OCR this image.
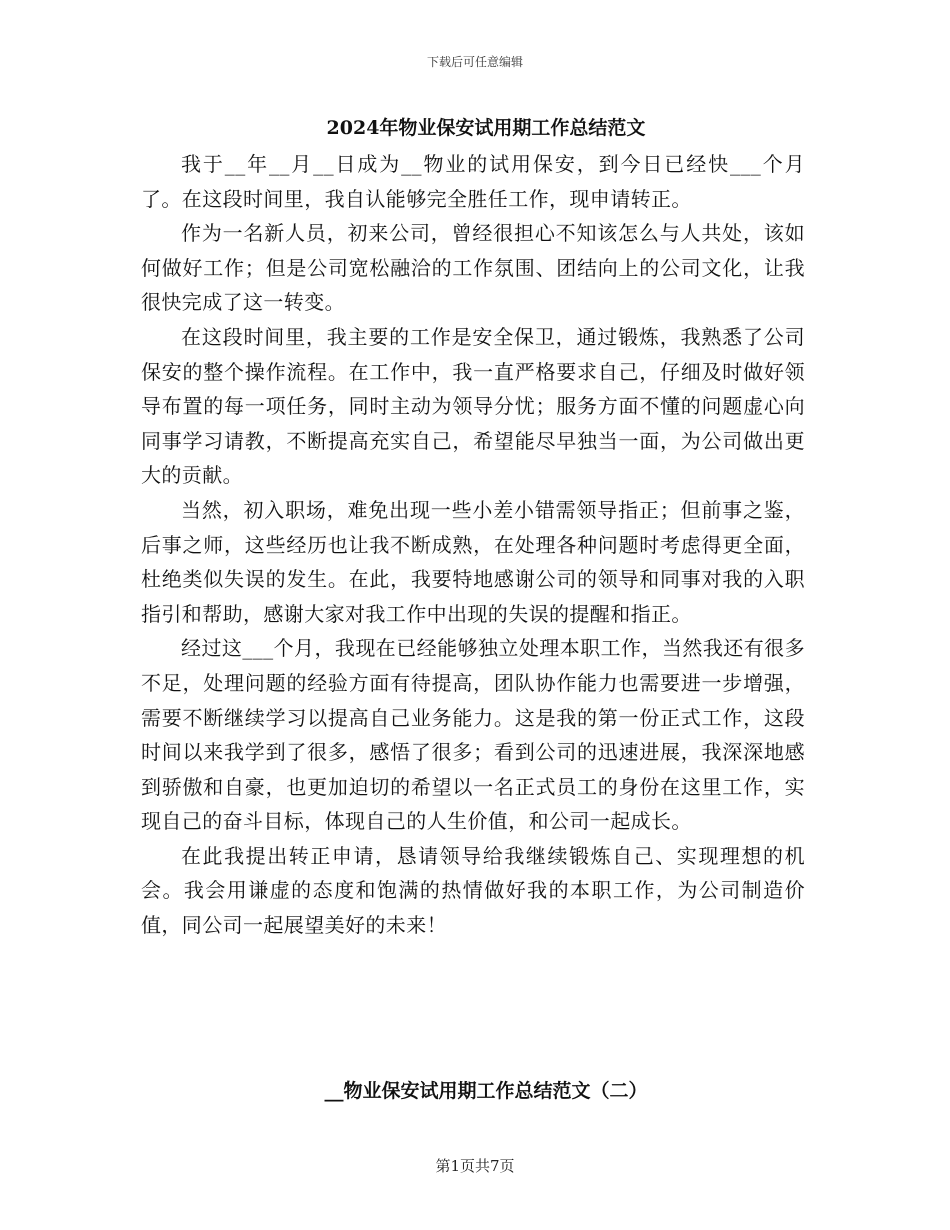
下载后可任意编辑
2024年物业保安试用期工作总结范文

我于__年__月__日成为__物业的试用保安，到今日已经快___个月了。在这段时间里，我自认能够完全胜任工作，现申请转正。

作为一名新人员，初来公司，曾经很担心不知该怎么与人共处，该如何做好工作；但是公司宽松融洽的工作氛围、团结向上的公司文化，让我很快完成了这一转变。

在这段时间里，我主要的工作是安全保卫，通过锻炼，我熟悉了公司保安的整个操作流程。在工作中，我一直严格要求自己，仔细及时做好领导布置的每一项任务，同时主动为领导分忧；服务方面不懂的问题虚心向同事学习请教，不断提高充实自己，希望能尽早独当一面，为公司做出更大的贡献。

当然，初入职场，难免出现一些小差小错需领导指正；但前事之鉴，后事之师，这些经历也让我不断成熟，在处理各种问题时考虑得更全面，杜绝类似失误的发生。在此，我要特地感谢公司的领导和同事对我的入职指引和帮助，感谢大家对我工作中出现的失误的提醒和指正。

经过这___个月，我现在已经能够独立处理本职工作，当然我还有很多不足，处理问题的经验方面有待提高，团队协作能力也需要进一步增强，需要不断继续学习以提高自己业务能力。这是我的第一份正式工作，这段时间以来我学到了很多，感悟了很多；看到公司的迅速进展，我深深地感到骄傲和自豪，也更加迫切的希望以一名正式员工的身份在这里工作，实现自己的奋斗目标，体现自己的人生价值，和公司一起成长。

在此我提出转正申请，恳请领导给我继续锻炼自己、实现理想的机会。我会用谦虚的态度和饱满的热情做好我的本职工作，为公司制造价值，同公司一起展望美好的未来！

__物业保安试用期工作总结范文（二）
第1页共7页
